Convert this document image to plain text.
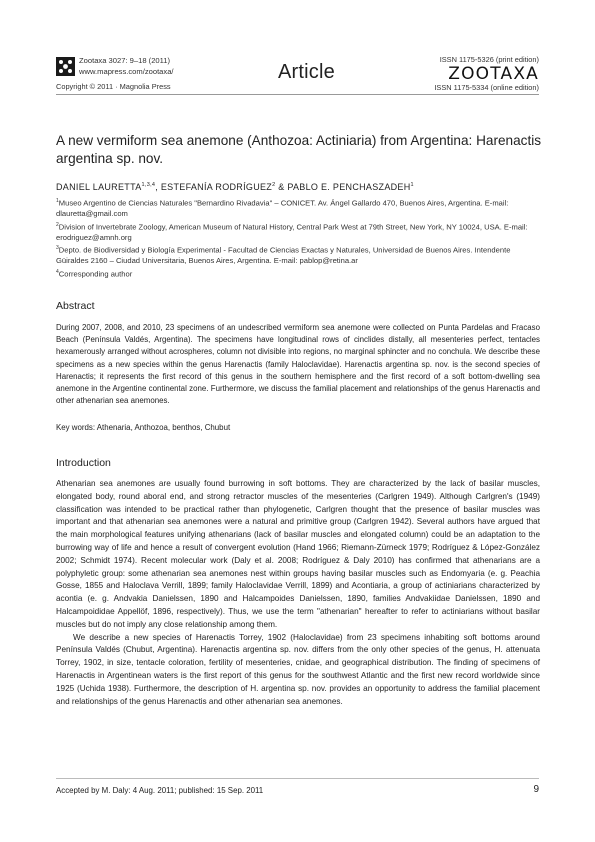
Zootaxa 3027: 9–18 (2011)
www.mapress.com/zootaxa/
Copyright © 2011 · Magnolia Press
Article
ISSN 1175-5326 (print edition)
ZOOTAXA
ISSN 1175-5334 (online edition)
A new vermiform sea anemone (Anthozoa: Actiniaria) from Argentina: Harenactis argentina sp. nov.
DANIEL LAURETTA$^{1,3,4}$, ESTEFANÍA RODRÍGUEZ$^2$ & PABLO E. PENCHASZADEH$^1$

$^1$Museo Argentino de Ciencias Naturales "Bernardino Rivadavia" – CONICET. Av. Ángel Gallardo 470, Buenos Aires, Argentina. E-mail: dlauretta@gmail.com

$^2$Division of Invertebrate Zoology, American Museum of Natural History, Central Park West at 79th Street, New York, NY 10024, USA. E-mail: erodriguez@amnh.org

$^3$Depto. de Biodiversidad y Biología Experimental - Facultad de Ciencias Exactas y Naturales, Universidad de Buenos Aires. Intendente Güiraldes 2160 – Ciudad Universitaria, Buenos Aires, Argentina. E-mail: pablop@retina.ar

$^4$Corresponding author

Abstract

During 2007, 2008, and 2010, 23 specimens of an undescribed vermiform sea anemone were collected on Punta Pardelas and Fracaso Beach (Península Valdés, Argentina). The specimens have longitudinal rows of cinclides distally, all mesenteries perfect, tentacles hexamerously arranged without acrospheres, column not divisible into regions, no marginal sphincter and no conchula. We describe these specimens as a new species within the genus Harenactis (family Haloclavidae). Harenactis argentina sp. nov. is the second species of Harenactis; it represents the first record of this genus in the southern hemisphere and the first record of a soft bottom-dwelling sea anemone in the Argentine continental zone. Furthermore, we discuss the familial placement and relationships of the genus Harenactis and other athenarian sea anemones.

Key words: Athenaria, Anthozoa, benthos, Chubut
Introduction

Athenarian sea anemones are usually found burrowing in soft bottoms. They are characterized by the lack of basilar muscles, elongated body, round aboral end, and strong retractor muscles of the mesenteries (Carlgren 1949). Although Carlgren's (1949) classification was intended to be practical rather than phylogenetic, Carlgren thought that the presence of basilar muscles was important and that athenarian sea anemones were a natural and primitive group (Carlgren 1942). Several authors have argued that the main morphological features unifying athenarians (lack of basilar muscles and elongated column) could be an adaptation to the burrowing way of life and hence a result of convergent evolution (Hand 1966; Riemann-Zürneck 1979; Rodríguez & López-González 2002; Schmidt 1974). Recent molecular work (Daly et al. 2008; Rodríguez & Daly 2010) has confirmed that athenarians are a polyphyletic group: some athenarian sea anemones nest within groups having basilar muscles such as Endomyaria (e. g. Peachia Gosse, 1855 and Haloclava Verrill, 1899; family Haloclavidae Verrill, 1899) and Acontiaria, a group of actiniarians characterized by acontia (e. g. Andvakia Danielssen, 1890 and Halcampoides Danielssen, 1890, families Andvakiidae Danielssen, 1890 and Halcampoididae Appellöf, 1896, respectively). Thus, we use the term "athenarian" hereafter to refer to actiniarians without basilar muscles but do not imply any close relationship among them.

We describe a new species of Harenactis Torrey, 1902 (Haloclavidae) from 23 specimens inhabiting soft bottoms around Península Valdés (Chubut, Argentina). Harenactis argentina sp. nov. differs from the only other species of the genus, H. attenuata Torrey, 1902, in size, tentacle coloration, fertility of mesenteries, cnidae, and geographical distribution. The finding of specimens of Harenactis in Argentinean waters is the first report of this genus for the southwest Atlantic and the first new record worldwide since 1925 (Uchida 1938). Furthermore, the description of H. argentina sp. nov. provides an opportunity to address the familial placement and relationships of the genus Harenactis and other athenarian sea anemones.

Accepted by M. Daly: 4 Aug. 2011; published: 15 Sep. 2011	9
